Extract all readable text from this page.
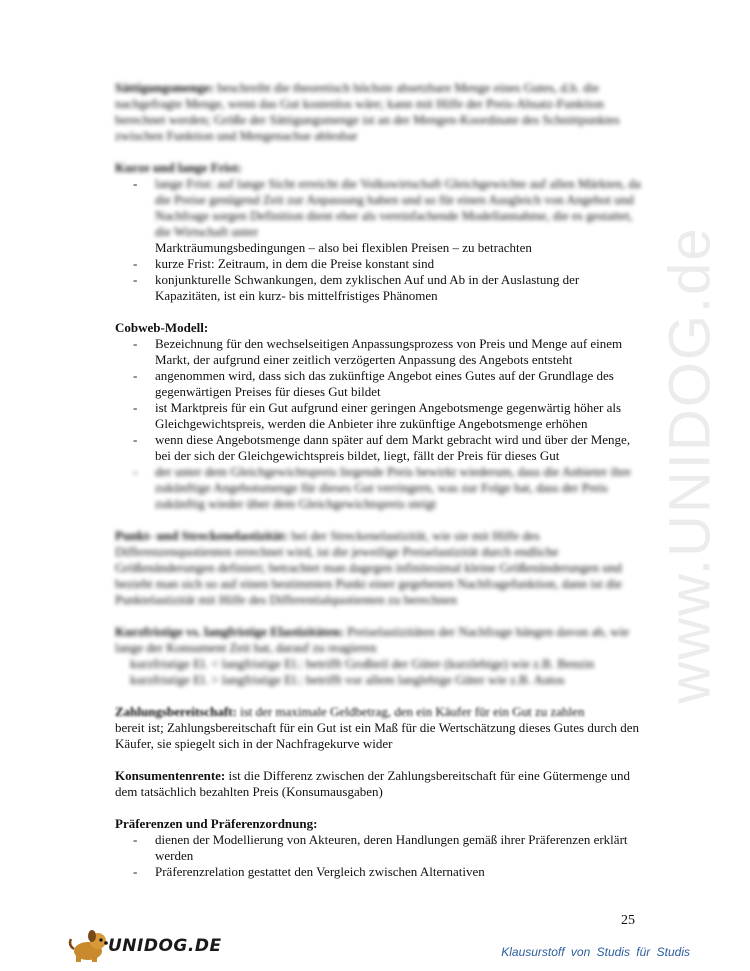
www.UNIDOG.de

Sättigungsmenge: beschreibt die theoretisch höchste absetzbare Menge eines Gutes, d.h. die nachgefragte Menge, wenn das Gut kostenlos wäre; kann mit Hilfe der Preis-Absatz-Funktion berechnet werden; Größe der Sättigungsmenge ist an der Mengen-Koordinate des Schnittpunktes zwischen Funktion und Mengenachse ablesbar

Kurze und lange Frist:

- lange Frist: auf lange Sicht erreicht die Volkswirtschaft Gleichgewichte auf allen Märkten, da die Preise genügend Zeit zur Anpassung haben und so für einen Ausgleich von Angebot und Nachfrage sorgen Definition dient eher als vereinfachende Modellannahme, die es gestattet, die Wirtschaft unter
Markträumungsbedingungen – also bei flexiblen Preisen – zu betrachten
- kurze Frist: Zeitraum, in dem die Preise konstant sind
- konjunkturelle Schwankungen, dem zyklischen Auf und Ab in der Auslastung der Kapazitäten, ist ein kurz- bis mittelfristiges Phänomen

Cobweb-Modell:

- Bezeichnung für den wechselseitigen Anpassungsprozess von Preis und Menge auf einem Markt, der aufgrund einer zeitlich verzögerten Anpassung des Angebots entsteht
- angenommen wird, dass sich das zukünftige Angebot eines Gutes auf der Grundlage des gegenwärtigen Preises für dieses Gut bildet
- ist Marktpreis für ein Gut aufgrund einer geringen Angebotsmenge gegenwärtig höher als Gleichgewichtspreis, werden die Anbieter ihre zukünftige Angebotsmenge erhöhen
- wenn diese Angebotsmenge dann später auf dem Markt gebracht wird und über der Menge, bei der sich der Gleichgewichtspreis bildet, liegt, fällt der Preis für dieses Gut
- der unter dem Gleichgewichtspreis liegende Preis bewirkt wiederum, dass die Anbieter ihre zukünftige Angebotsmenge für dieses Gut verringern, was zur Folge hat, dass der Preis zukünftig wieder über dem Gleichgewichtspreis steigt

Punkt- und Streckenelastizität: bei der Streckenelastizität, wie sie mit Hilfe des Differenzenquotienten errechnet wird, ist die jeweilige Preiselastizität durch endliche Größenänderungen definiert; betrachtet man dagegen infinitesimal kleine Größenänderungen und bezieht man sich so auf einen bestimmten Punkt einer gegebenen Nachfragefunktion, dann ist die Punktelastizität mit Hilfe des Differentialquotienten zu berechnen

Kurzfristige vs. langfristige Elastizitäten: Preiselastizitäten der Nachfrage hängen davon ab, wie lange der Konsument Zeit hat, darauf zu reagieren

kurzfristige El. < langfristige El.: betrifft Großteil der Güter (kurzlebige) wie z.B. Benzin

kurzfristige El. > langfristige El.: betrifft vor allem langlebige Güter wie z.B. Autos

Zahlungsbereitschaft: ist der maximale Geldbetrag, den ein Käufer für ein Gut zu zahlen

bereit ist; Zahlungsbereitschaft für ein Gut ist ein Maß für die Wertschätzung dieses Gutes durch den Käufer, sie spiegelt sich in der Nachfragekurve wider

Konsumentenrente: ist die Differenz zwischen der Zahlungsbereitschaft für eine Gütermenge und dem tatsächlich bezahlten Preis (Konsumausgaben)

Präferenzen und Präferenzordnung:

- dienen der Modellierung von Akteuren, deren Handlungen gemäß ihrer Präferenzen erklärt werden
- Präferenzrelation gestattet den Vergleich zwischen Alternativen
25
UNIDOG.DE	Klausurstoff von Studis für Studis
